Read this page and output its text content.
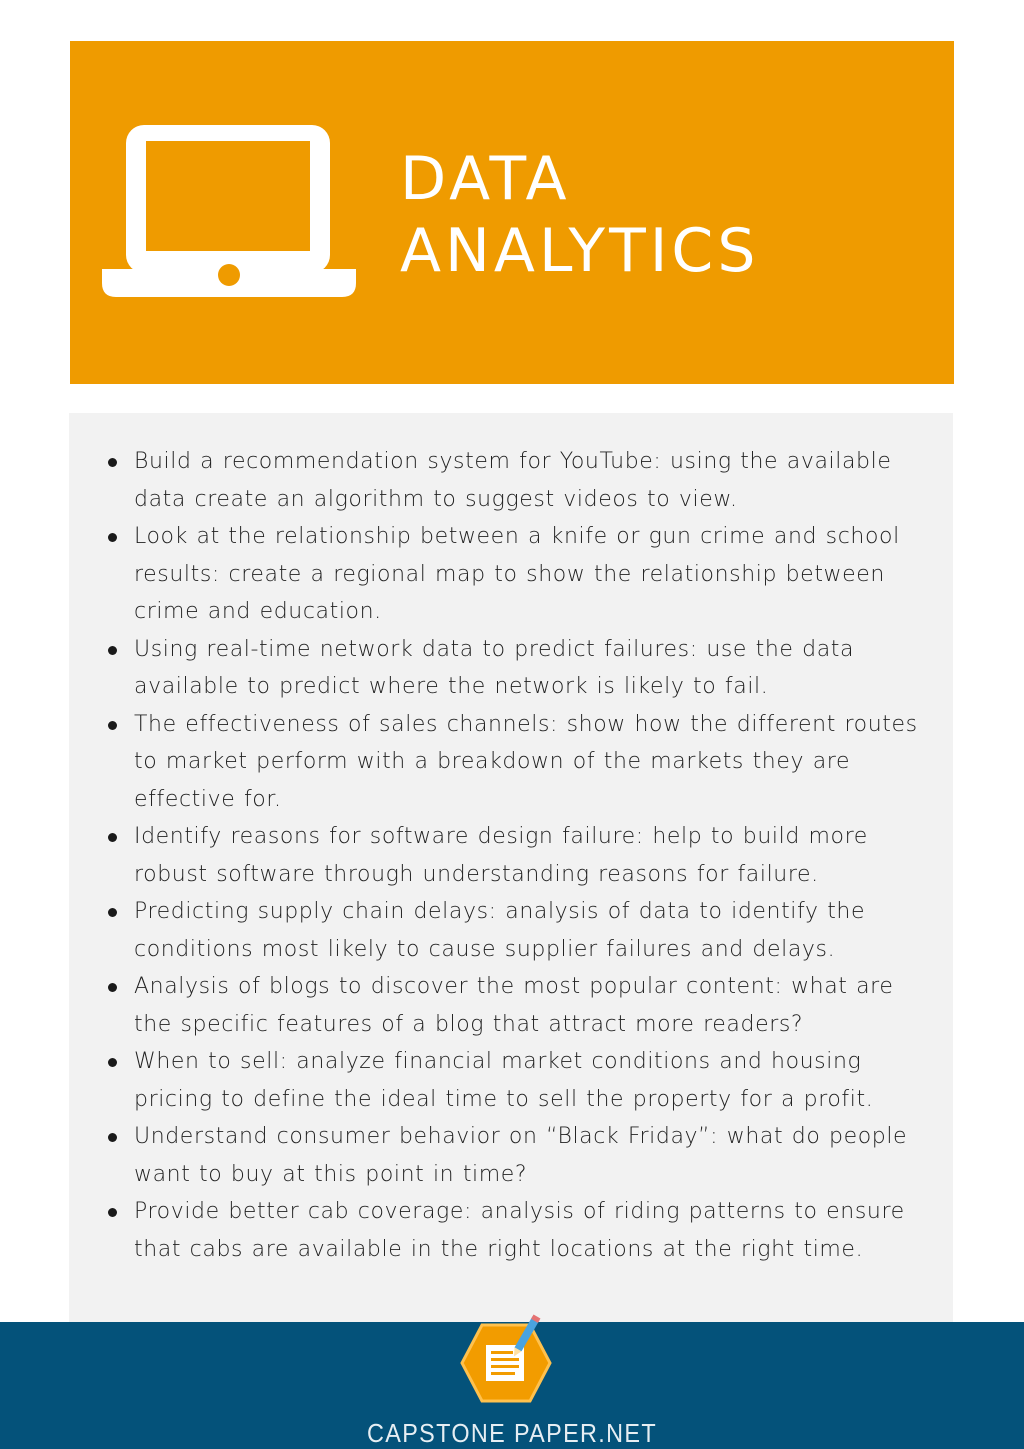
DATA
ANALYTICS
Build a recommendation system for YouTube: using the available data create an algorithm to suggest videos to view.
Look at the relationship between a knife or gun crime and school results: create a regional map to show the relationship between crime and education.
Using real-time network data to predict failures: use the data available to predict where the network is likely to fail.
The effectiveness of sales channels: show how the different routes to market perform with a breakdown of the markets they are effective for.
Identify reasons for software design failure: help to build more robust software through understanding reasons for failure.
Predicting supply chain delays: analysis of data to identify the conditions most likely to cause supplier failures and delays.
Analysis of blogs to discover the most popular content: what are the specific features of a blog that attract more readers?
When to sell: analyze financial market conditions and housing pricing to define the ideal time to sell the property for a profit.
Understand consumer behavior on “Black Friday”: what do people want to buy at this point in time?
Provide better cab coverage: analysis of riding patterns to ensure that cabs are available in the right locations at the right time.
CAPSTONE PAPER.NET
